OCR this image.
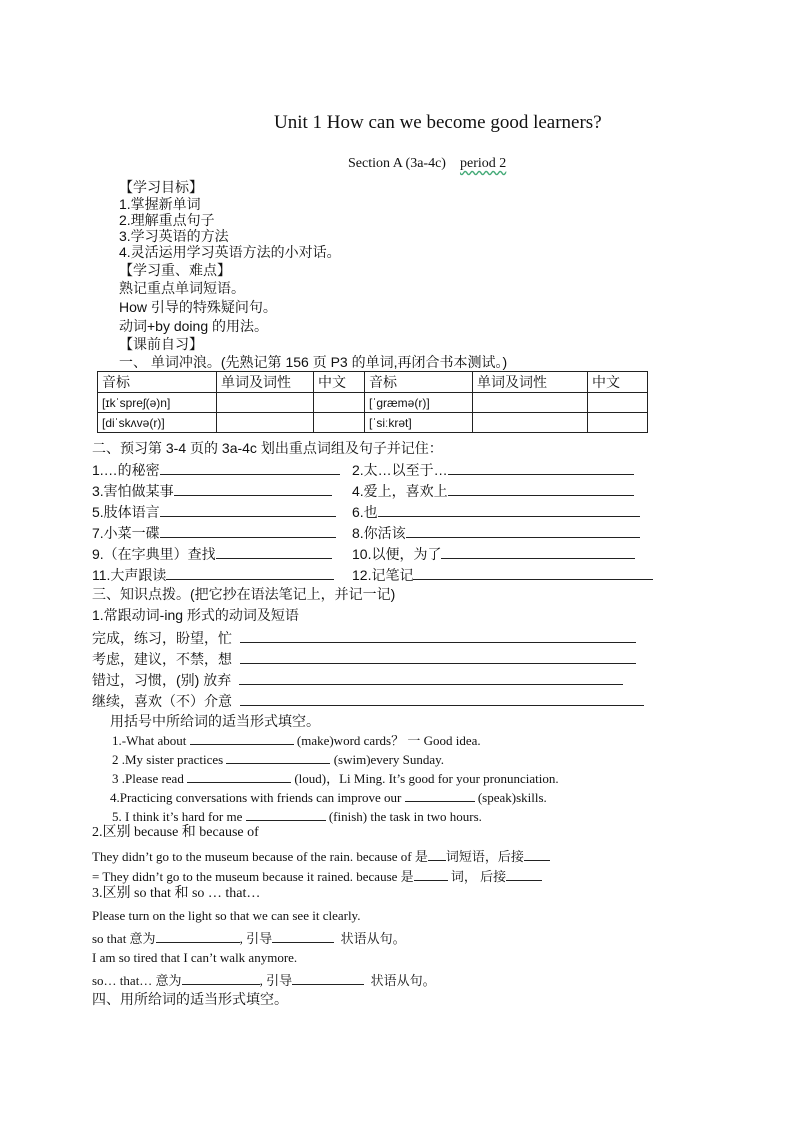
Unit 1 How can we become good learners?
Section A (3a-4c) period 2
【学习目标】
1.掌握新单词
2.理解重点句子
3.学习英语的方法
4.灵活运用学习英语方法的小对话。
【学习重、难点】
熟记重点单词短语。
How 引导的特殊疑问句。
动词+by doing 的用法。
【课前自习】
一、 单词冲浪。(先熟记第 156 页 P3 的单词,再闭合书本测试。)
音标	单词及词性	中文	音标	单词及词性	中文
[ɪkˈspreʃ(ə)n]			[ˈɡræmə(r)]		
[diˈskʌvə(r)]			[ˈsiːkrət]		
二、预习第 3-4 页的 3a-4c 划出重点词组及句子并记住：
1.…的秘密	2.太…以至于…
3.害怕做某事	4.爱上，喜欢上
5.肢体语言	6.也
7.小菜一碟	8.你活该
9.（在字典里）查找	10.以便，为了
11.大声跟读	12.记笔记
三、知识点拨。(把它抄在语法笔记上，并记一记)
1.常跟动词-ing 形式的动词及短语
完成，练习，盼望，忙
考虑，建议，不禁，想
错过，习惯，(别) 放弃
继续，喜欢（不）介意
用括号中所给词的适当形式填空。
1.-What about	(make)word cards？ 一 Good idea.
2 .My sister practices	(swim)every Sunday.
3 .Please read	(loud)，Li Ming. It’s good for your pronunciation.
4.Practicing conversations with friends can improve our	(speak)skills.
5. I think it’s hard for me	(finish) the task in two hours.
2.区别 because 和 because of
They didn’t go to the museum because of the rain. because of 是 词短语，后接
= They didn’t go to the museum because it rained. because 是	词， 后接
3.区别 so that 和 so … that…
Please turn on the light so that we can see it clearly.
so that 意为	, 引导	状语从句。
I am so tired that I can’t walk anymore.
so… that… 意为	, 引导	状语从句。
四、用所给词的适当形式填空。
